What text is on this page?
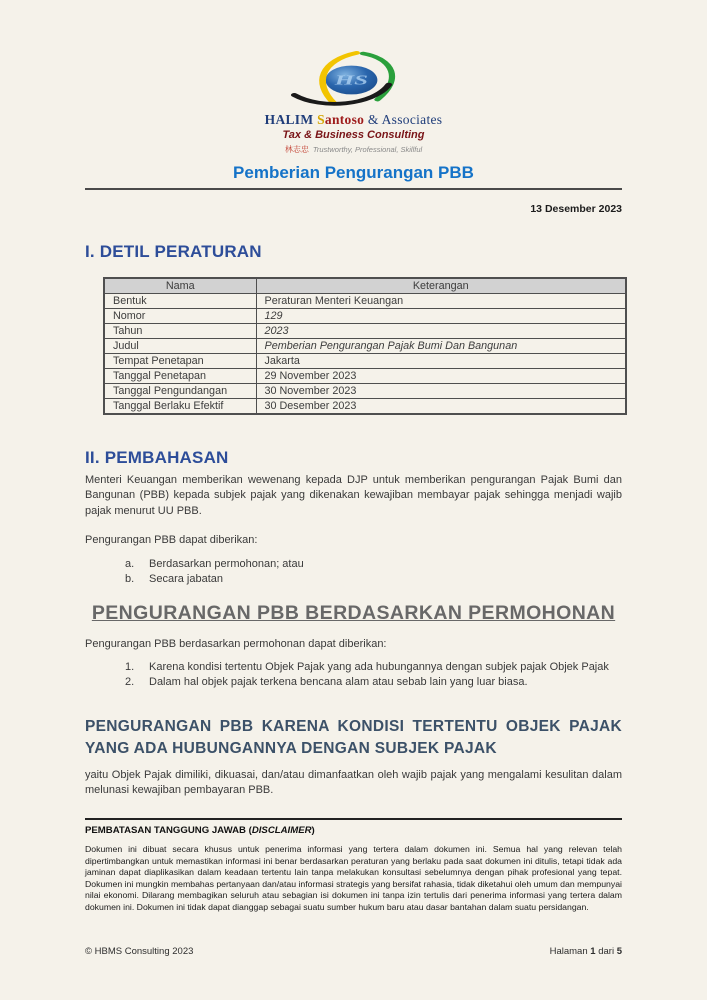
HS
HALIM Santoso & Associates
Tax & Business Consulting
林志忠 Trustworthy, Professional, Skillful
Pemberian Pengurangan PBB
13 Desember 2023
I. DETIL PERATURAN
Nama	Keterangan
Bentuk	Peraturan Menteri Keuangan
Nomor	129
Tahun	2023
Judul	Pemberian Pengurangan Pajak Bumi Dan Bangunan
Tempat Penetapan	Jakarta
Tanggal Penetapan	29 November 2023
Tanggal Pengundangan	30 November 2023
Tanggal Berlaku Efektif	30 Desember 2023
II. PEMBAHASAN

Menteri Keuangan memberikan wewenang kepada DJP untuk memberikan pengurangan Pajak Bumi dan Bangunan (PBB) kepada subjek pajak yang dikenakan kewajiban membayar pajak sehingga menjadi wajib pajak menurut UU PBB.

Pengurangan PBB dapat diberikan:

a.	Berdasarkan permohonan; atau
b.	Secara jabatan
PENGURANGAN PBB BERDASARKAN PERMOHONAN

Pengurangan PBB berdasarkan permohonan dapat diberikan:

1.	Karena kondisi tertentu Objek Pajak yang ada hubungannya dengan subjek pajak Objek Pajak
2.	Dalam hal objek pajak terkena bencana alam atau sebab lain yang luar biasa.
PENGURANGAN PBB KARENA KONDISI TERTENTU OBJEK PAJAK YANG ADA HUBUNGANNYA DENGAN SUBJEK PAJAK

yaitu Objek Pajak dimiliki, dikuasai, dan/atau dimanfaatkan oleh wajib pajak yang mengalami kesulitan dalam melunasi kewajiban pembayaran PBB.

PEMBATASAN TANGGUNG JAWAB (DISCLAIMER)

Dokumen ini dibuat secara khusus untuk penerima informasi yang tertera dalam dokumen ini. Semua hal yang relevan telah dipertimbangkan untuk memastikan informasi ini benar berdasarkan peraturan yang berlaku pada saat dokumen ini ditulis, tetapi tidak ada jaminan dapat diaplikasikan dalam keadaan tertentu lain tanpa melakukan konsultasi sebelumnya dengan pihak profesional yang tepat. Dokumen ini mungkin membahas pertanyaan dan/atau informasi strategis yang bersifat rahasia, tidak diketahui oleh umum dan mempunyai nilai ekonomi. Dilarang membagikan seluruh atau sebagian isi dokumen ini tanpa izin tertulis dari penerima informasi yang tertera dalam dokumen ini. Dokumen ini tidak dapat dianggap sebagai suatu sumber hukum baru atau dasar bantahan dalam suatu persidangan.

© HBMS Consulting 2023	Halaman 1 dari 5
